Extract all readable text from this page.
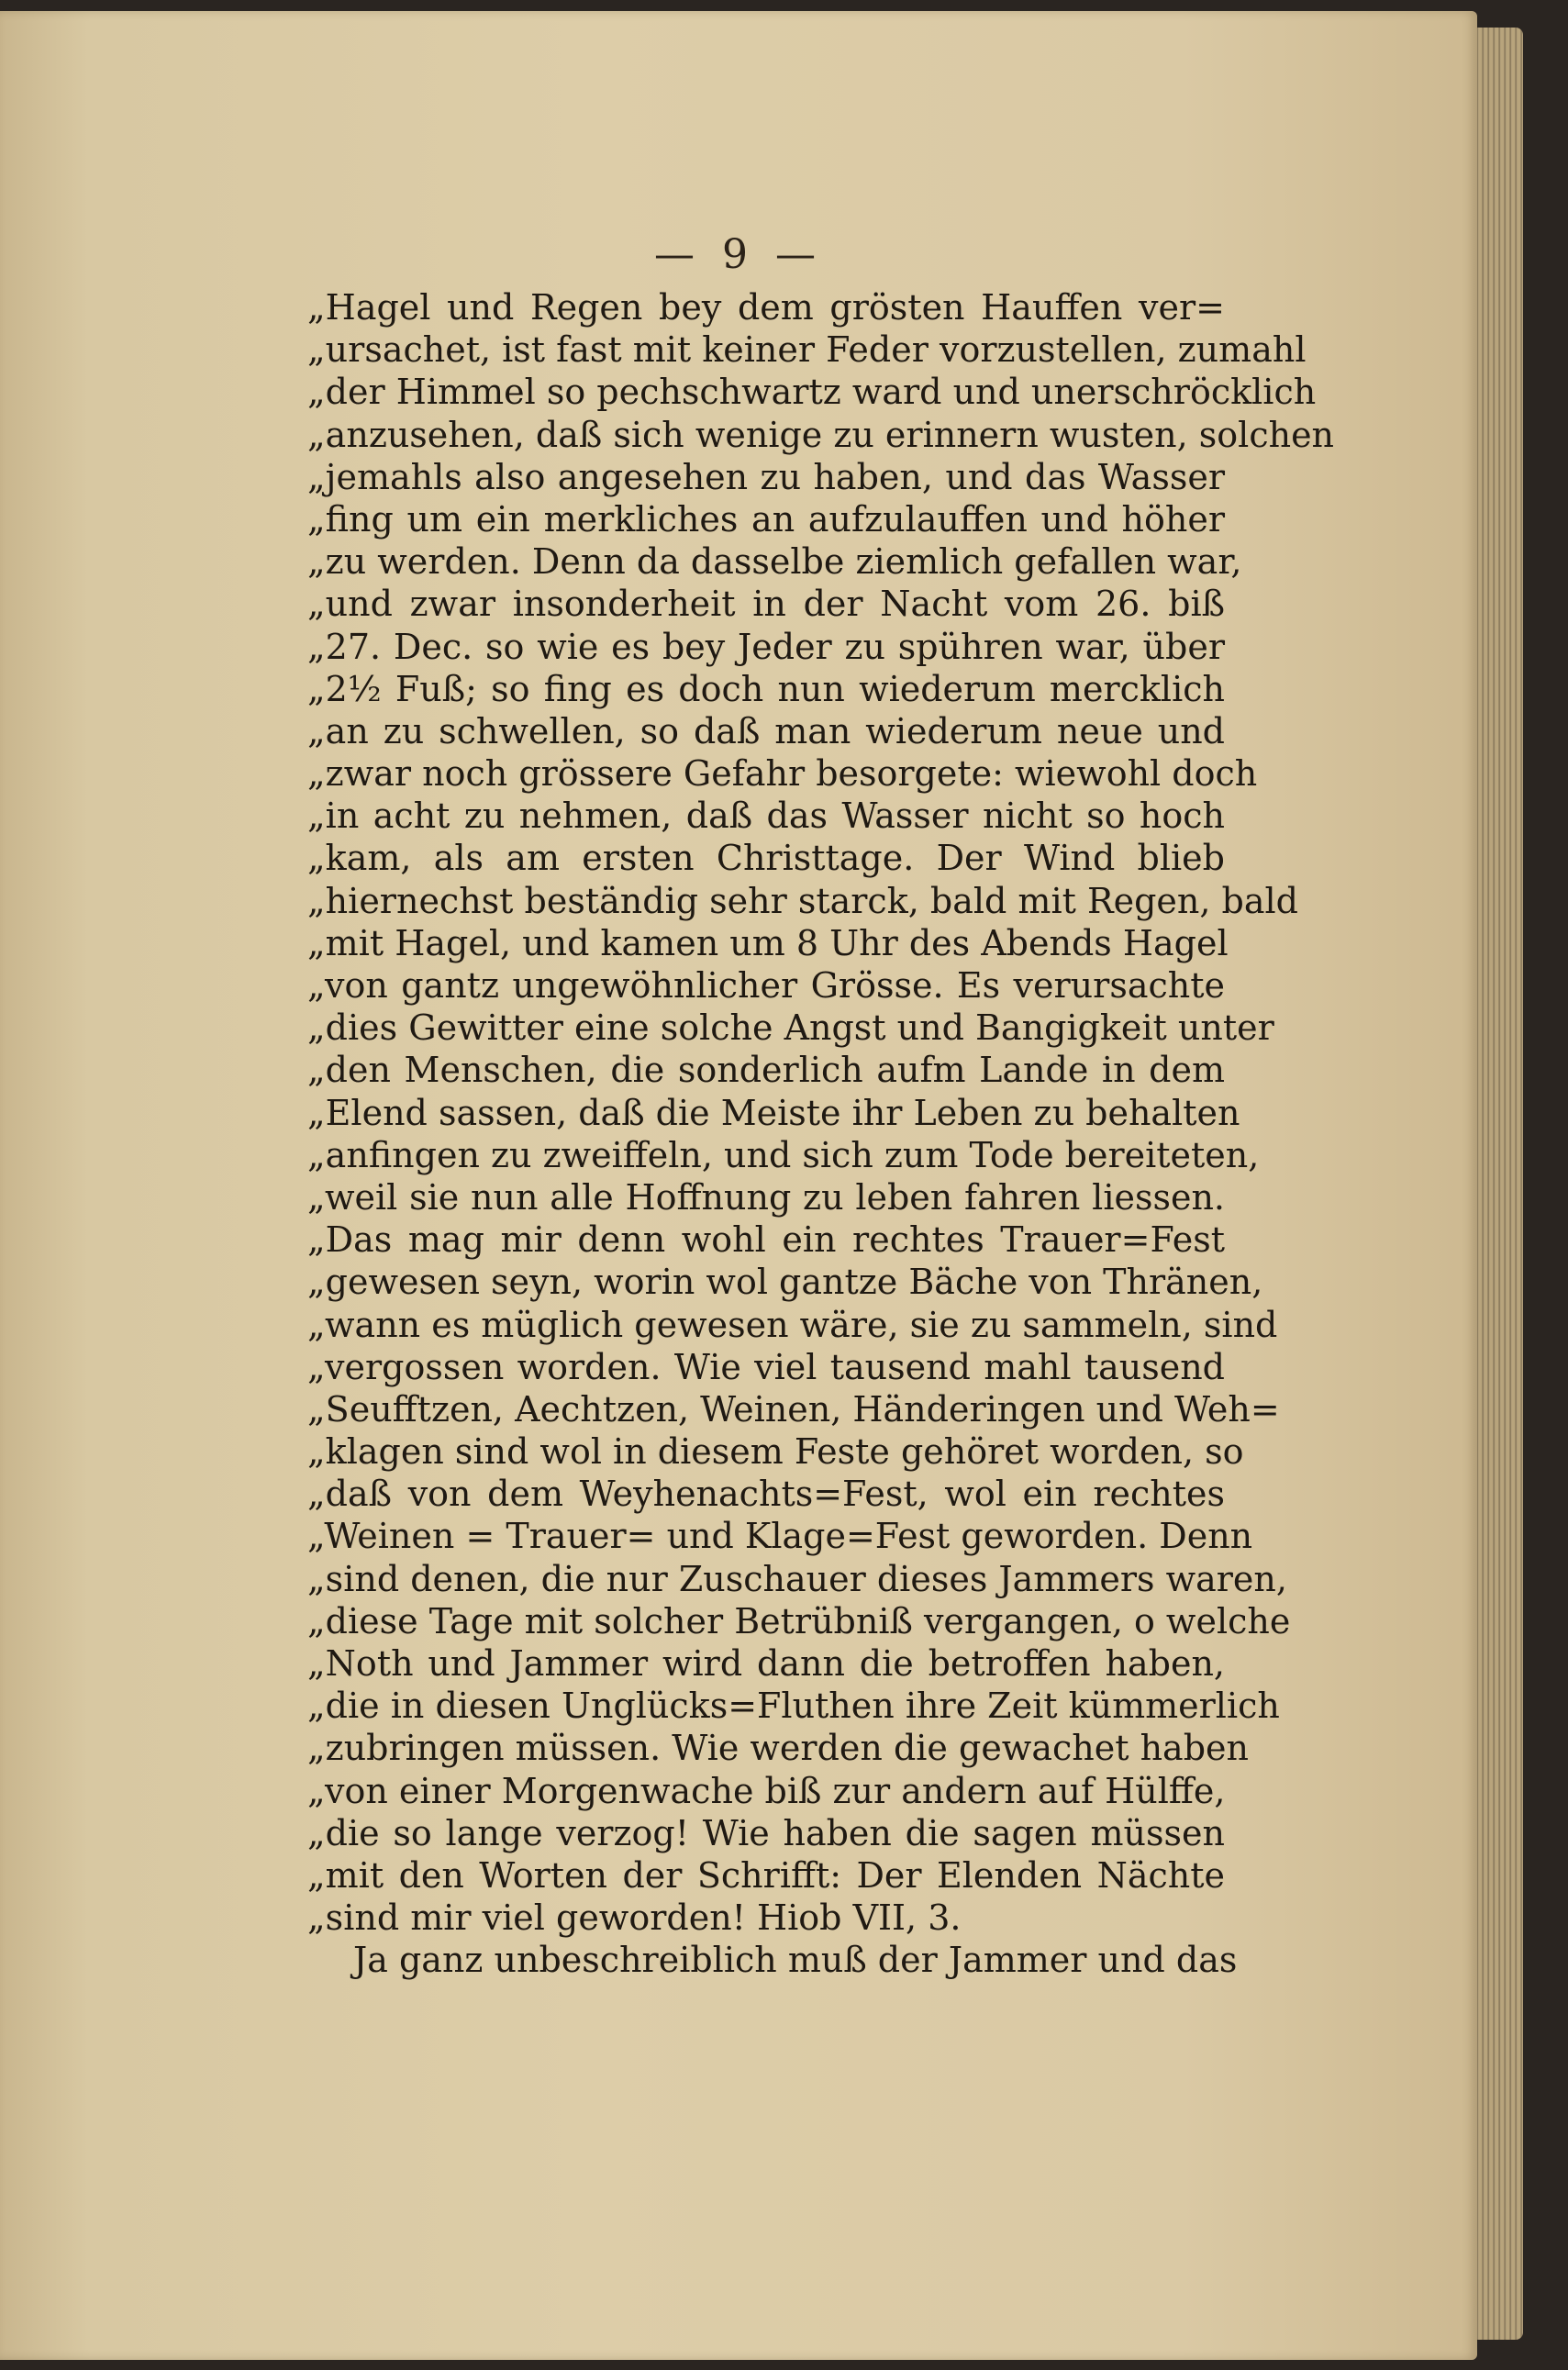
— 9 —
„Hagel und Regen bey dem grösten Hauffen ver=
„ursachet, ist fast mit keiner Feder vorzustellen, zumahl
„der Himmel so pechschwartz ward und unerschröcklich
„anzusehen, daß sich wenige zu erinnern wusten, solchen
„jemahls also angesehen zu haben, und das Wasser
„fing um ein merkliches an aufzulauffen und höher
„zu werden. Denn da dasselbe ziemlich gefallen war,
„und zwar insonderheit in der Nacht vom 26. biß
„27. Dec. so wie es bey Jeder zu spühren war, über
„2½ Fuß; so fing es doch nun wiederum mercklich
„an zu schwellen, so daß man wiederum neue und
„zwar noch grössere Gefahr besorgete: wiewohl doch
„in acht zu nehmen, daß das Wasser nicht so hoch
„kam, als am ersten Christtage. Der Wind blieb
„hiernechst beständig sehr starck, bald mit Regen, bald
„mit Hagel, und kamen um 8 Uhr des Abends Hagel
„von gantz ungewöhnlicher Grösse. Es verursachte
„dies Gewitter eine solche Angst und Bangigkeit unter
„den Menschen, die sonderlich aufm Lande in dem
„Elend sassen, daß die Meiste ihr Leben zu behalten
„anfingen zu zweiffeln, und sich zum Tode bereiteten,
„weil sie nun alle Hoffnung zu leben fahren liessen.
„Das mag mir denn wohl ein rechtes Trauer=Fest
„gewesen seyn, worin wol gantze Bäche von Thränen,
„wann es müglich gewesen wäre, sie zu sammeln, sind
„vergossen worden. Wie viel tausend mahl tausend
„Seufftzen, Aechtzen, Weinen, Händeringen und Weh=
„klagen sind wol in diesem Feste gehöret worden, so
„daß von dem Weyhenachts=Fest, wol ein rechtes
„Weinen = Trauer= und Klage=Fest geworden. Denn
„sind denen, die nur Zuschauer dieses Jammers waren,
„diese Tage mit solcher Betrübniß vergangen, o welche
„Noth und Jammer wird dann die betroffen haben,
„die in diesen Unglücks=Fluthen ihre Zeit kümmerlich
„zubringen müssen. Wie werden die gewachet haben
„von einer Morgenwache biß zur andern auf Hülffe,
„die so lange verzog! Wie haben die sagen müssen
„mit den Worten der Schrifft: Der Elenden Nächte
„sind mir viel geworden! Hiob VII, 3.
Ja ganz unbeschreiblich muß der Jammer und das
